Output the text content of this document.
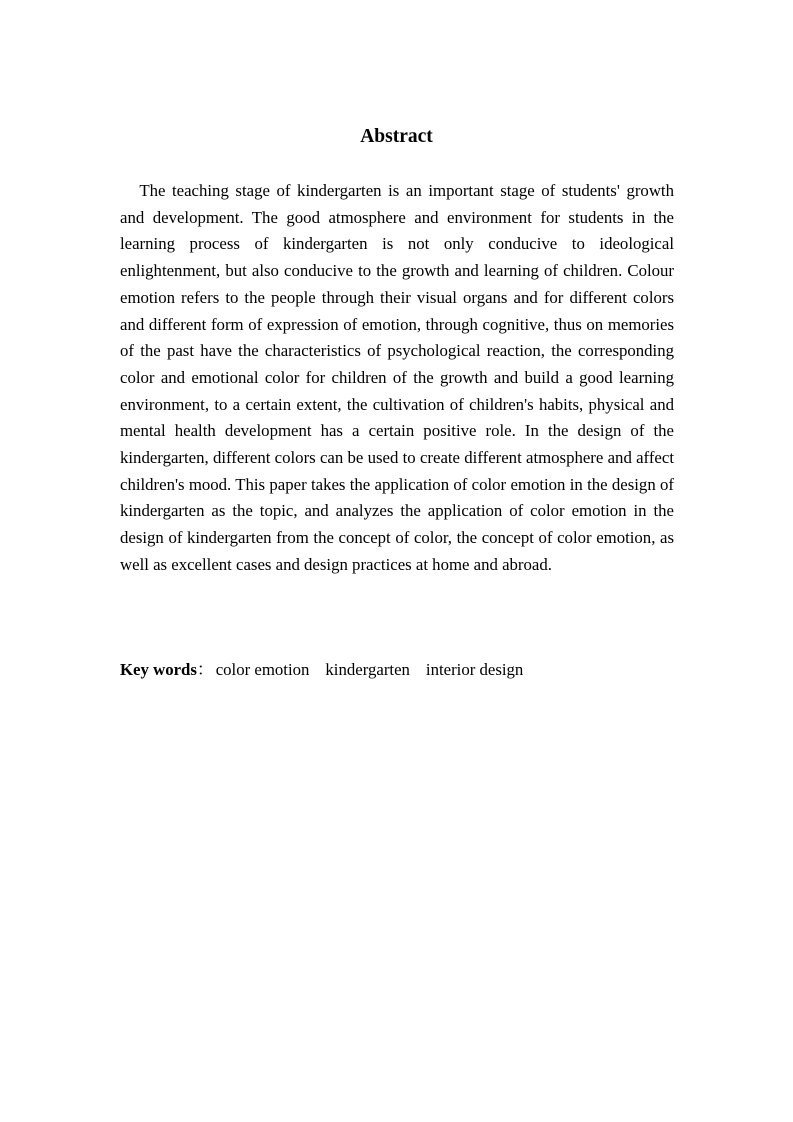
Abstract

The teaching stage of kindergarten is an important stage of students' growth and development. The good atmosphere and environment for students in the learning process of kindergarten is not only conducive to ideological enlightenment, but also conducive to the growth and learning of children. Colour emotion refers to the people through their visual organs and for different colors and different form of expression of emotion, through cognitive, thus on memories of the past have the characteristics of psychological reaction, the corresponding color and emotional color for children of the growth and build a good learning environment, to a certain extent, the cultivation of children's habits, physical and mental health development has a certain positive role. In the design of the kindergarten, different colors can be used to create different atmosphere and affect children's mood. This paper takes the application of color emotion in the design of kindergarten as the topic, and analyzes the application of color emotion in the design of kindergarten from the concept of color, the concept of color emotion, as well as excellent cases and design practices at home and abroad.

Key words： color emotion kindergarten interior design
